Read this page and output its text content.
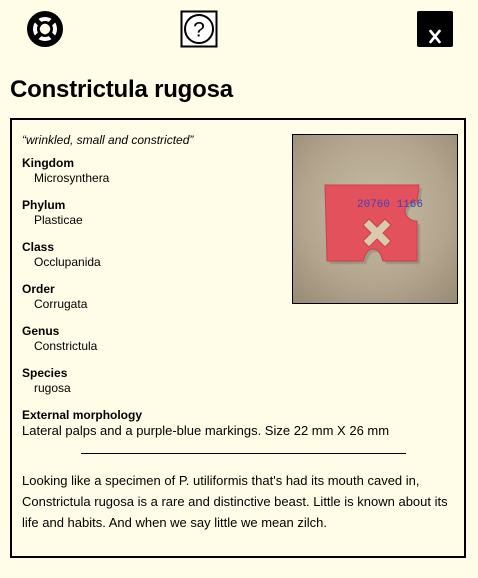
?
Constrictula rugosa
“wrinkled, small and constricted”
Kingdom
Microsynthera
Phylum
Plasticae
Class
Occlupanida
Order
Corrugata
Genus
Constrictula
Species
rugosa
External morphology
Lateral palps and a purple-blue markings. Size 22 mm X 26 mm

Looking like a specimen of P. utiliformis that's had its mouth caved in, Constrictula rugosa is a rare and distinctive beast. Little is known about its life and habits. And when we say little we mean zilch.

20760 1166
